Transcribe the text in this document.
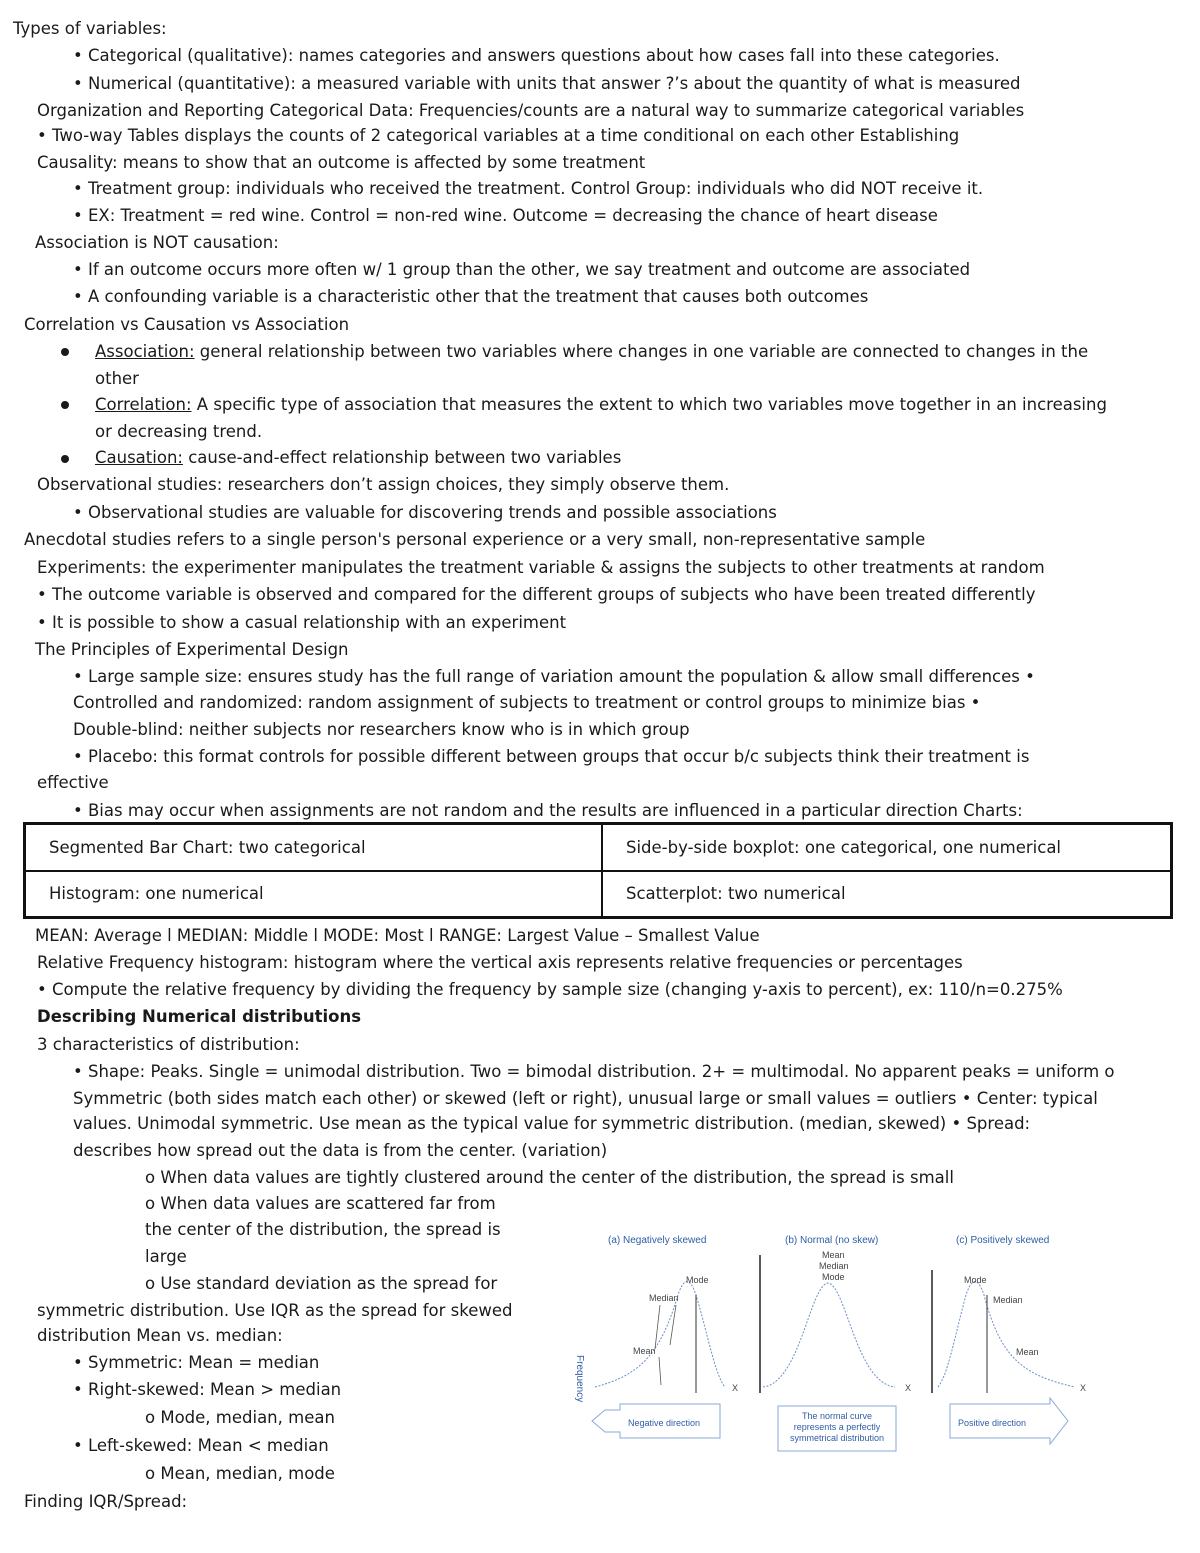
Types of variables:
• Categorical (qualitative): names categories and answers questions about how cases fall into these categories.
• Numerical (quantitative): a measured variable with units that answer ?’s about the quantity of what is measured
Organization and Reporting Categorical Data: Frequencies/counts are a natural way to summarize categorical variables
• Two-way Tables displays the counts of 2 categorical variables at a time conditional on each other Establishing
Causality: means to show that an outcome is affected by some treatment
• Treatment group: individuals who received the treatment. Control Group: individuals who did NOT receive it.
• EX: Treatment = red wine. Control = non-red wine. Outcome = decreasing the chance of heart disease
Association is NOT causation:
• If an outcome occurs more often w/ 1 group than the other, we say treatment and outcome are associated
• A confounding variable is a characteristic other that the treatment that causes both outcomes
Correlation vs Causation vs Association
Association: general relationship between two variables where changes in one variable are connected to changes in the
other
Correlation: A specific type of association that measures the extent to which two variables move together in an increasing
or decreasing trend.
Causation: cause-and-effect relationship between two variables
Observational studies: researchers don’t assign choices, they simply observe them.
• Observational studies are valuable for discovering trends and possible associations
Anecdotal studies refers to a single person's personal experience or a very small, non-representative sample
Experiments: the experimenter manipulates the treatment variable & assigns the subjects to other treatments at random
• The outcome variable is observed and compared for the different groups of subjects who have been treated differently
• It is possible to show a casual relationship with an experiment
The Principles of Experimental Design
• Large sample size: ensures study has the full range of variation amount the population & allow small differences •
Controlled and randomized: random assignment of subjects to treatment or control groups to minimize bias •
Double-blind: neither subjects nor researchers know who is in which group
• Placebo: this format controls for possible different between groups that occur b/c subjects think their treatment is
effective
• Bias may occur when assignments are not random and the results are influenced in a particular direction Charts:
Segmented Bar Chart: two categorical	Side-by-side boxplot: one categorical, one numerical
Histogram: one numerical	Scatterplot: two numerical
MEAN: Average l MEDIAN: Middle l MODE: Most l RANGE: Largest Value – Smallest Value
Relative Frequency histogram: histogram where the vertical axis represents relative frequencies or percentages
• Compute the relative frequency by dividing the frequency by sample size (changing y-axis to percent), ex: 110/n=0.275%
Describing Numerical distributions
3 characteristics of distribution:
• Shape: Peaks. Single = unimodal distribution. Two = bimodal distribution. 2+ = multimodal. No apparent peaks = uniform o
Symmetric (both sides match each other) or skewed (left or right), unusual large or small values = outliers • Center: typical
values. Unimodal symmetric. Use mean as the typical value for symmetric distribution. (median, skewed) • Spread:
describes how spread out the data is from the center. (variation)
o When data values are tightly clustered around the center of the distribution, the spread is small
o When data values are scattered far from
the center of the distribution, the spread is
large
o Use standard deviation as the spread for
symmetric distribution. Use IQR as the spread for skewed
distribution Mean vs. median:
• Symmetric: Mean = median
• Right-skewed: Mean > median
o Mode, median, mean
• Left-skewed: Mean < median
o Mean, median, mode
Finding IQR/Spread:
(a) Negatively skewed	(b) Normal (no skew)	(c) Positively skewed
Frequency
Mode
Median
Mean
X
Mean
Median
Mode
X
Mode
Median
Mean
X
Negative direction
The normal curve
represents a perfectly
symmetrical distribution
Positive direction
